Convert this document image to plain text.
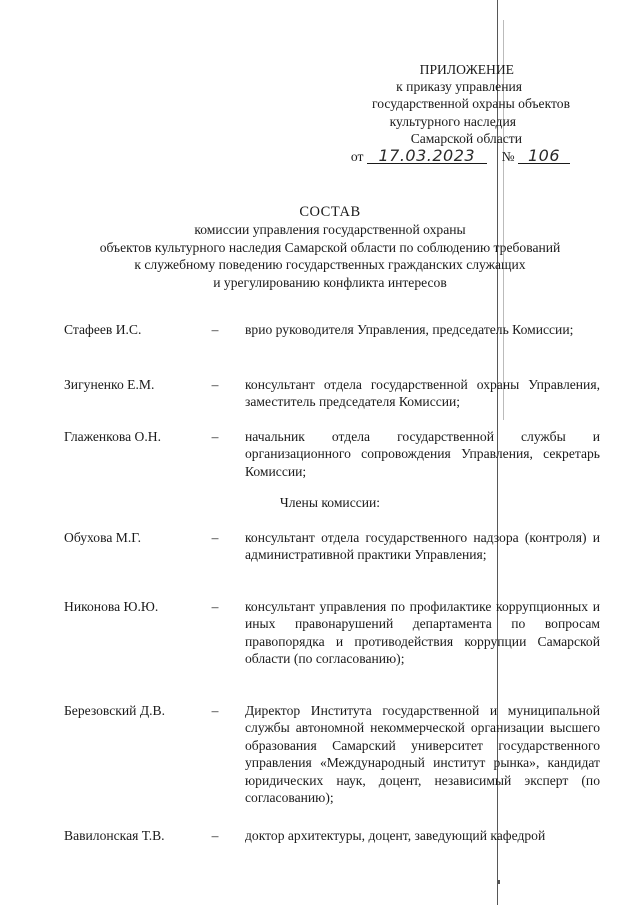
ПРИЛОЖЕНИЕ
к приказу управления
государственной охраны объектов
культурного наследия
Самарской области
от 17.03.2023 № 106
СОСТАВ
комиссии управления государственной охраны
объектов культурного наследия Самарской области по соблюдению требований
к служебному поведению государственных гражданских служащих
и урегулированию конфликта интересов
Стафеев И.С.	–	врио руководителя Управления, председатель Комиссии;
Зигуненко Е.М.	–	консультант отдела государственной охраны Управления, заместитель председателя Комиссии;
Глаженкова О.Н.	–	начальник отдела государственной службы и организационного сопровождения Управления, секретарь Комиссии;
Члены комиссии:
Обухова М.Г.	–	консультант отдела государственного надзора (контроля) и административной практики Управления;
Никонова Ю.Ю.	–	консультант управления по профилактике коррупционных и иных правонарушений департамента по вопросам правопорядка и противодействия коррупции Самарской области (по согласованию);
Березовский Д.В.	–	Директор Института государственной и муниципальной службы автономной некоммерческой организации высшего образования Самарский университет государственного управления «Международный институт рынка», кандидат юридических наук, доцент, независимый эксперт (по согласованию);
Вавилонская Т.В.	–	доктор архитектуры, доцент, заведующий кафедрой
